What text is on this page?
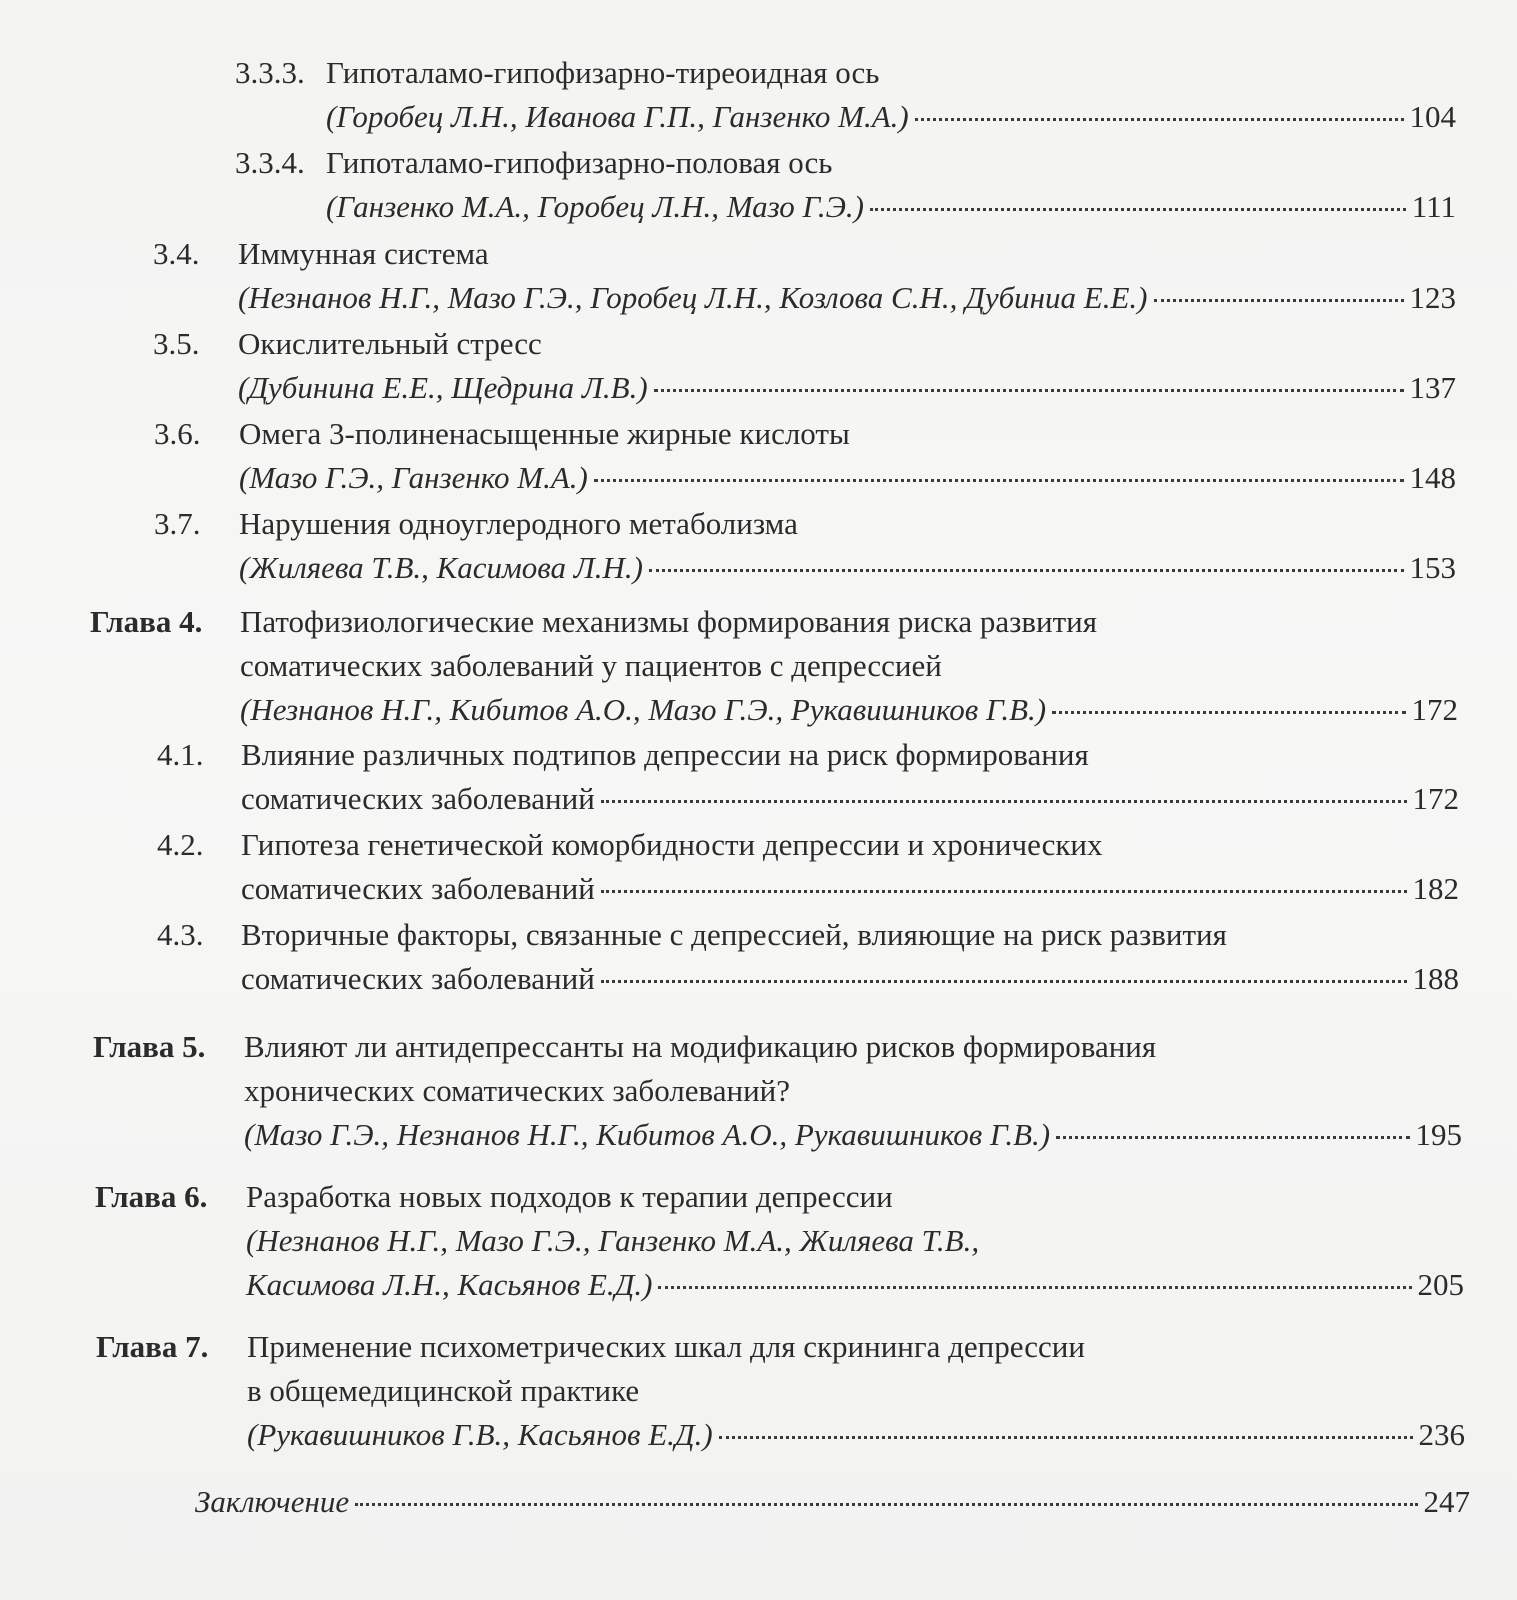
3.3.3. Гипоталамо-гипофизарно-тиреоидная ось
(Горобец Л.Н., Иванова Г.П., Ганзенко М.А.)	104
3.3.4. Гипоталамо-гипофизарно-половая ось
(Ганзенко М.А., Горобец Л.Н., Мазо Г.Э.)	111
3.4. Иммунная система
(Незнанов Н.Г., Мазо Г.Э., Горобец Л.Н., Козлова С.Н., Дубиниа Е.Е.)	123
3.5. Окислительный стресс
(Дубинина Е.Е., Щедрина Л.В.)	137
3.6. Омега 3-полиненасыщенные жирные кислоты
(Мазо Г.Э., Ганзенко М.А.)	148
3.7. Нарушения одноуглеродного метаболизма
(Жиляева Т.В., Касимова Л.Н.)	153
Глава 4. Патофизиологические механизмы формирования риска развития
соматических заболеваний у пациентов с депрессией
(Незнанов Н.Г., Кибитов А.О., Мазо Г.Э., Рукавишников Г.В.)	172
4.1. Влияние различных подтипов депрессии на риск формирования
соматических заболеваний	172
4.2. Гипотеза генетической коморбидности депрессии и хронических
соматических заболеваний	182
4.3. Вторичные факторы, связанные с депрессией, влияющие на риск развития
соматических заболеваний	188
Глава 5. Влияют ли антидепрессанты на модификацию рисков формирования
хронических соматических заболеваний?
(Мазо Г.Э., Незнанов Н.Г., Кибитов А.О., Рукавишников Г.В.)	195
Глава 6. Разработка новых подходов к терапии депрессии
(Незнанов Н.Г., Мазо Г.Э., Ганзенко М.А., Жиляева Т.В.,
Касимова Л.Н., Касьянов Е.Д.)	205
Глава 7. Применение психометрических шкал для скрининга депрессии
в общемедицинской практике
(Рукавишников Г.В., Касьянов Е.Д.)	236
Заключение	247
